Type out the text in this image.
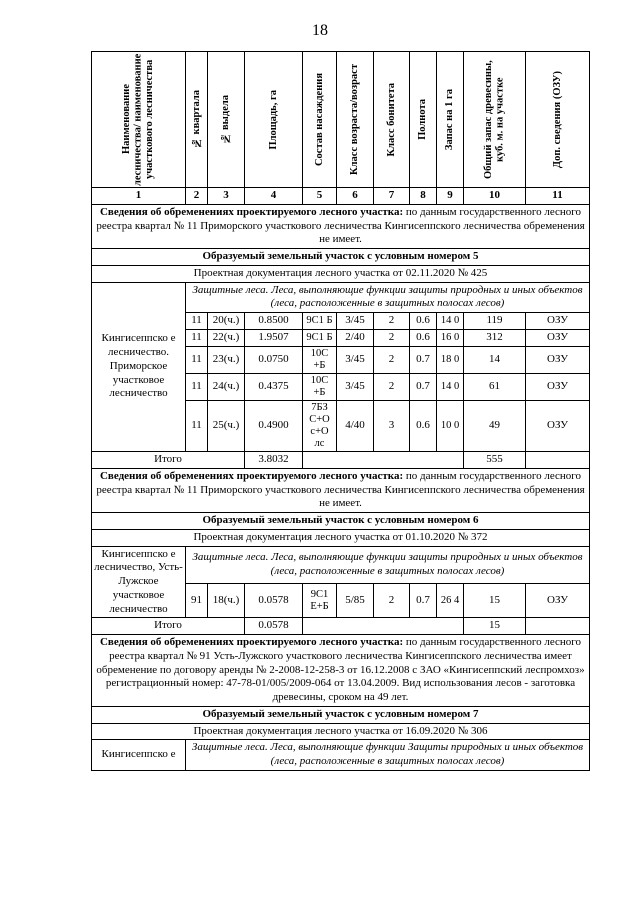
18
Наименование лесничества/ наименование участкового лесничества	№ квартала	№ выдела	Площадь, га	Состав насаждения	Класс возраста/возраст	Класс бонитета	Полнота	Запас на 1 га	Общий запас древесины, куб. м. на участке	Доп. сведения (ОЗУ)

1	2	3	4	5	6	7	8	9	10	11
Сведения об обременениях проектируемого лесного участка: по данным государственного лесного реестра квартал № 11 Приморского участкового лесничества Кингисеппского лесничества обременения не имеет.										
Образуемый земельный участок с условным номером 5										
Проектная документация лесного участка от 02.11.2020 № 425										
Кингисеппско е лесничество. Приморское участковое лесничество	Защитные леса. Леса, выполняющие функции защиты природных и иных объектов (леса, расположенные в защитных полосах лесов)									
	11	20(ч.)	0.8500	9С1 Б	3/45	2	0.6	14 0	119	ОЗУ
	11	22(ч.)	1.9507	9С1 Б	2/40	2	0.6	16 0	312	ОЗУ
	11	23(ч.)	0.0750	10С +Б	3/45	2	0.7	18 0	14	ОЗУ
	11	24(ч.)	0.4375	10С +Б	3/45	2	0.7	14 0	61	ОЗУ
	11	25(ч.)	0.4900	7БЗ С+О с+О лс	4/40	3	0.6	10 0	49	ОЗУ
Итого			3.8032						555	
Сведения об обременениях проектируемого лесного участка: по данным государственного лесного реестра квартал № 11 Приморского участкового лесничества Кингисеппского лесничества обременения не имеет.										
Образуемый земельный участок с условным номером 6										
Проектная документация лесного участка от 01.10.2020 № 372										
Кингисеппско е лесничество, Усть-Лужское участковое лесничество	Защитные леса. Леса, выполняющие функции защиты природных и иных объектов (леса, расположенные в защитных полосах лесов)									
	91	18(ч.)	0.0578	9С1 Е+Б	5/85	2	0.7	26 4	15	ОЗУ
Итого			0.0578						15	
Сведения об обременениях проектируемого лесного участка: по данным государственного лесного реестра квартал № 91 Усть-Лужского участкового лесничества Кингисеппского лесничества имеет обременение по договору аренды № 2-2008-12-258-3 от 16.12.2008 с ЗАО «Кингисеппский леспромхоз» регистрационный номер: 47-78-01/005/2009-064 от 13.04.2009. Вид использования лесов - заготовка древесины, сроком на 49 лет.										
Образуемый земельный участок с условным номером 7										
Проектная документация лесного участка от 16.09.2020 № 306										
Кингисеппско е	Защитные леса. Леса, выполняющие функции Защиты природных и иных объектов (леса, расположенные в защитных полосах лесов)									
